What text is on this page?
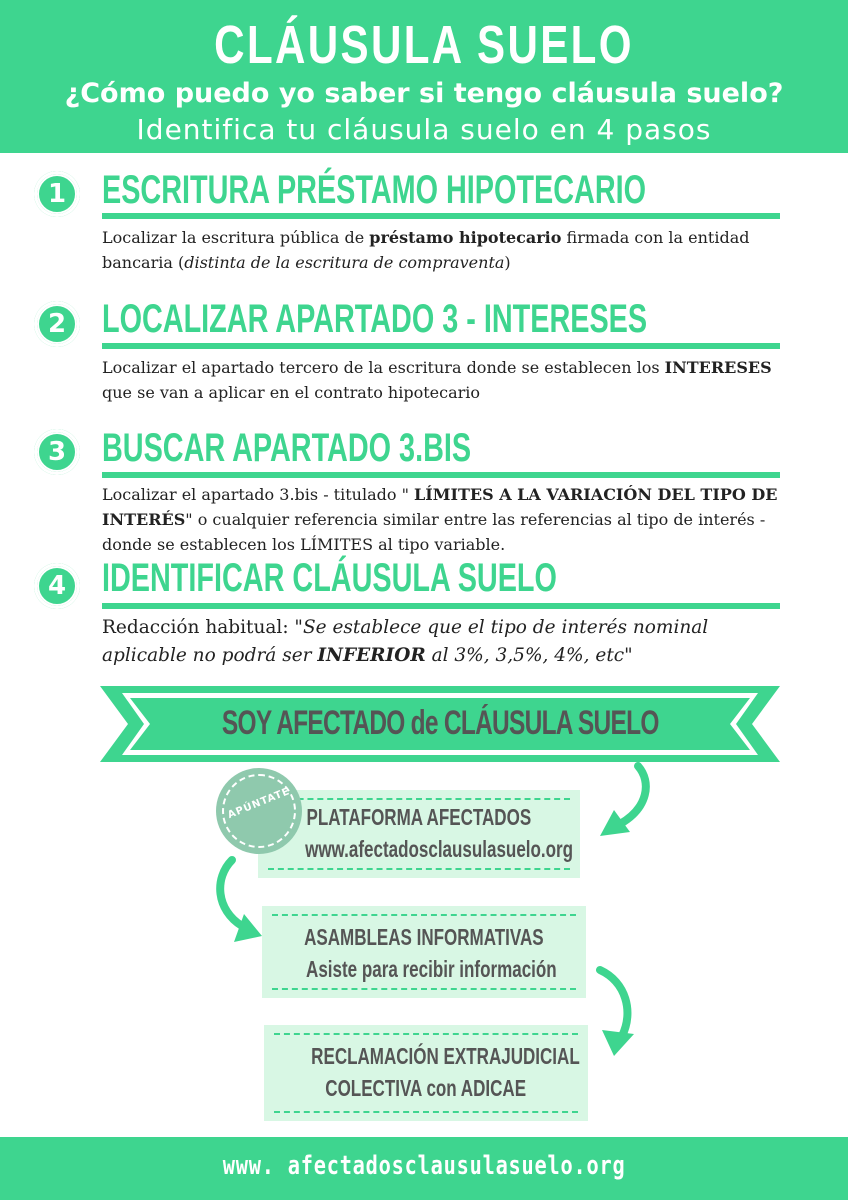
CLÁUSULA SUELO
¿Cómo puedo yo saber si tengo cláusula suelo?
Identifica tu cláusula suelo en 4 pasos
1 ESCRITURA PRÉSTAMO HIPOTECARIO
Localizar la escritura pública de préstamo hipotecario firmada con la entidad bancaria (distinta de la escritura de compraventa)
2 LOCALIZAR APARTADO 3 - INTERESES
Localizar el apartado tercero de la escritura donde se establecen los INTERESES que se van a aplicar en el contrato hipotecario
3 BUSCAR APARTADO 3.BIS
Localizar el apartado 3.bis - titulado " LÍMITES A LA VARIACIÓN DEL TIPO DE INTERÉS" o cualquier referencia similar entre las referencias al tipo de interés - donde se establecen los LÍMITES al tipo variable.
4 IDENTIFICAR CLÁUSULA SUELO
Redacción habitual: "Se establece que el tipo de interés nominal aplicable no podrá ser INFERIOR al 3%, 3,5%, 4%, etc"
SOY AFECTADO de CLÁUSULA SUELO
PLATAFORMA AFECTADOS
www.afectadosclausulasuelo.org
APÚNTATE
ASAMBLEAS INFORMATIVAS
Asiste para recibir información
RECLAMACIÓN EXTRAJUDICIAL
COLECTIVA con ADICAE
www. afectadosclausulasuelo.org
